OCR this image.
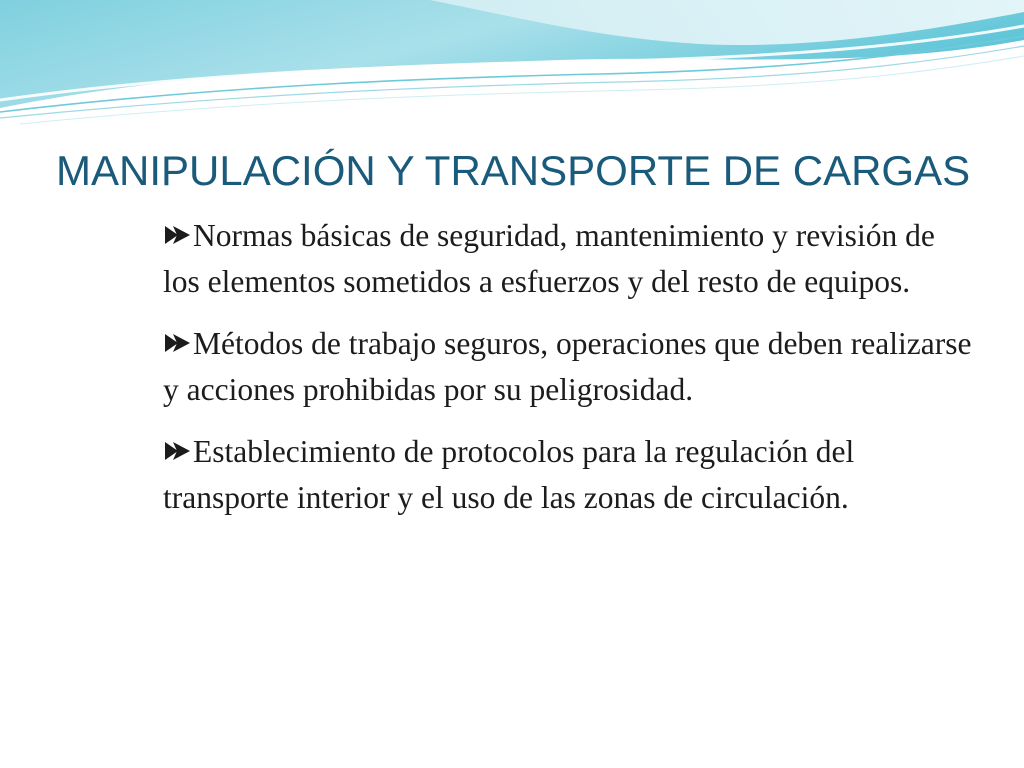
MANIPULACIÓN Y TRANSPORTE DE CARGAS
Normas básicas de seguridad, mantenimiento y revisión de los elementos sometidos a esfuerzos y del resto de equipos.
Métodos de trabajo seguros, operaciones que deben realizarse y acciones prohibidas por su peligrosidad.
Establecimiento de protocolos para la regulación del transporte interior y el uso de las zonas de circulación.
